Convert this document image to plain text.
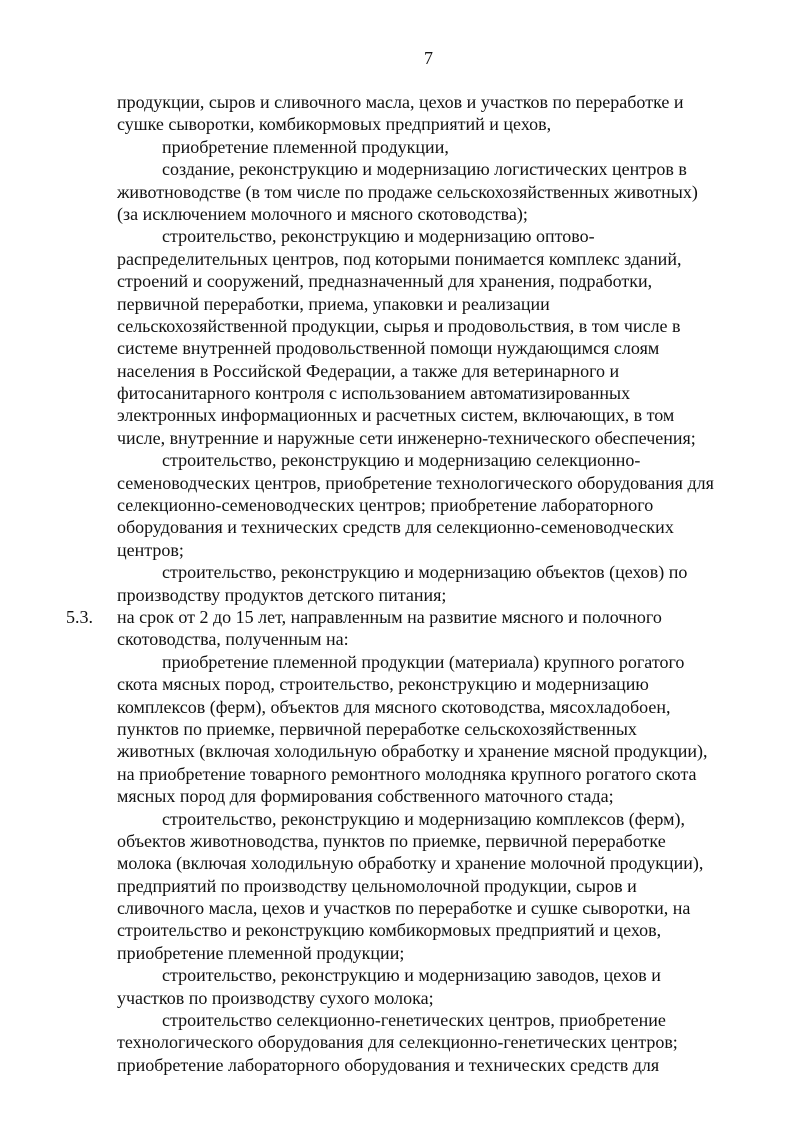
7
продукции, сыров и сливочного масла, цехов и участков по переработке и
сушке сыворотки, комбикормовых предприятий и цехов,
приобретение племенной продукции,
создание, реконструкцию и модернизацию логистических центров в
животноводстве (в том числе по продаже сельскохозяйственных животных)
(за исключением молочного и мясного скотоводства);
строительство, реконструкцию и модернизацию оптово-
распределительных центров, под которыми понимается комплекс зданий,
строений и сооружений, предназначенный для хранения, подработки,
первичной переработки, приема, упаковки и реализации
сельскохозяйственной продукции, сырья и продовольствия, в том числе в
системе внутренней продовольственной помощи нуждающимся слоям
населения в Российской Федерации, а также для ветеринарного и
фитосанитарного контроля с использованием автоматизированных
электронных информационных и расчетных систем, включающих, в том
числе, внутренние и наружные сети инженерно-технического обеспечения;
строительство, реконструкцию и модернизацию селекционно-
семеноводческих центров, приобретение технологического оборудования для
селекционно-семеноводческих центров; приобретение лабораторного
оборудования и технических средств для селекционно-семеноводческих
центров;
строительство, реконструкцию и модернизацию объектов (цехов) по
производству продуктов детского питания;
5.3. на срок от 2 до 15 лет, направленным на развитие мясного и полочного
скотоводства, полученным на:
приобретение племенной продукции (материала) крупного рогатого
скота мясных пород, строительство, реконструкцию и модернизацию
комплексов (ферм), объектов для мясного скотоводства, мясохладобоен,
пунктов по приемке, первичной переработке сельскохозяйственных
животных (включая холодильную обработку и хранение мясной продукции),
на приобретение товарного ремонтного молодняка крупного рогатого скота
мясных пород для формирования собственного маточного стада;
строительство, реконструкцию и модернизацию комплексов (ферм),
объектов животноводства, пунктов по приемке, первичной переработке
молока (включая холодильную обработку и хранение молочной продукции),
предприятий по производству цельномолочной продукции, сыров и
сливочного масла, цехов и участков по переработке и сушке сыворотки, на
строительство и реконструкцию комбикормовых предприятий и цехов,
приобретение племенной продукции;
строительство, реконструкцию и модернизацию заводов, цехов и
участков по производству сухого молока;
строительство селекционно-генетических центров, приобретение
технологического оборудования для селекционно-генетических центров;
приобретение лабораторного оборудования и технических средств для
